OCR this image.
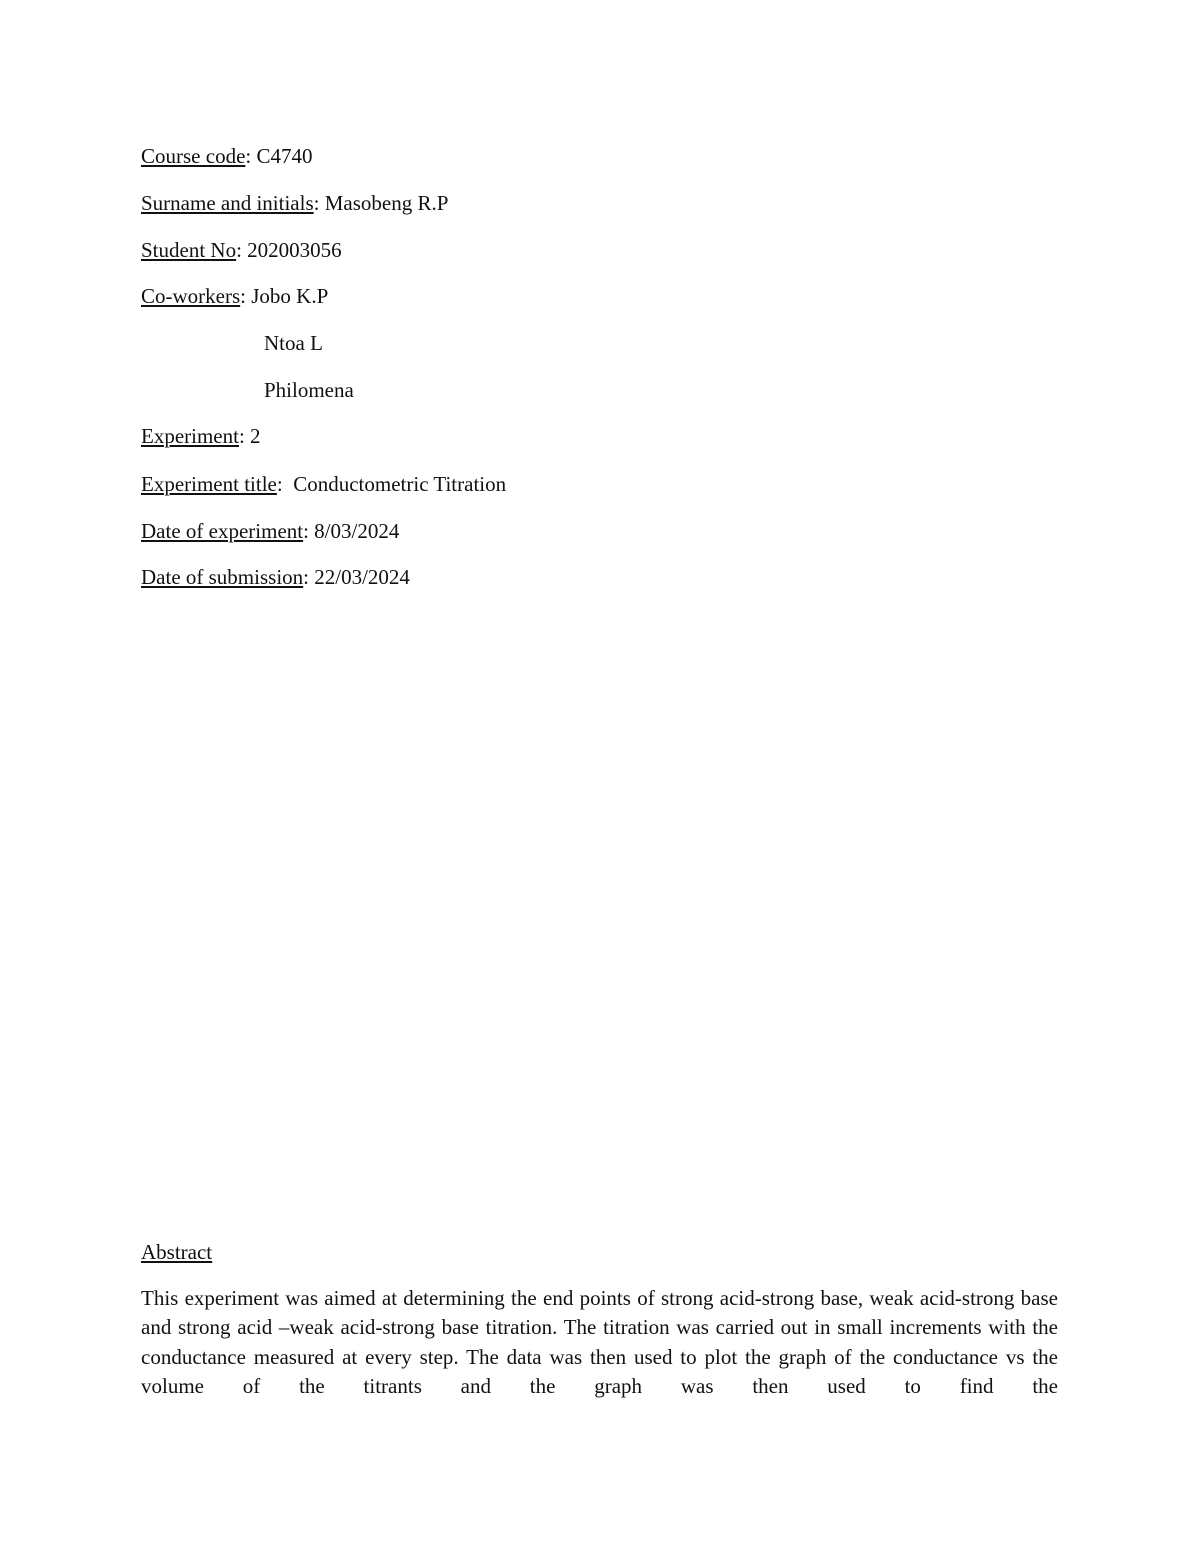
Course code: C4740
Surname and initials: Masobeng R.P
Student No: 202003056
Co-workers: Jobo K.P
Ntoa L
Philomena
Experiment: 2
Experiment title:  Conductometric Titration
Date of experiment: 8/03/2024
Date of submission: 22/03/2024
Abstract
This experiment was aimed at determining the end points of strong acid-strong base, weak acid-strong base and strong acid –weak acid-strong base titration. The titration was carried out in small increments with the conductance measured at every step. The data was then used to plot the graph of the conductance vs the volume of the titrants and the graph was then used to find the
